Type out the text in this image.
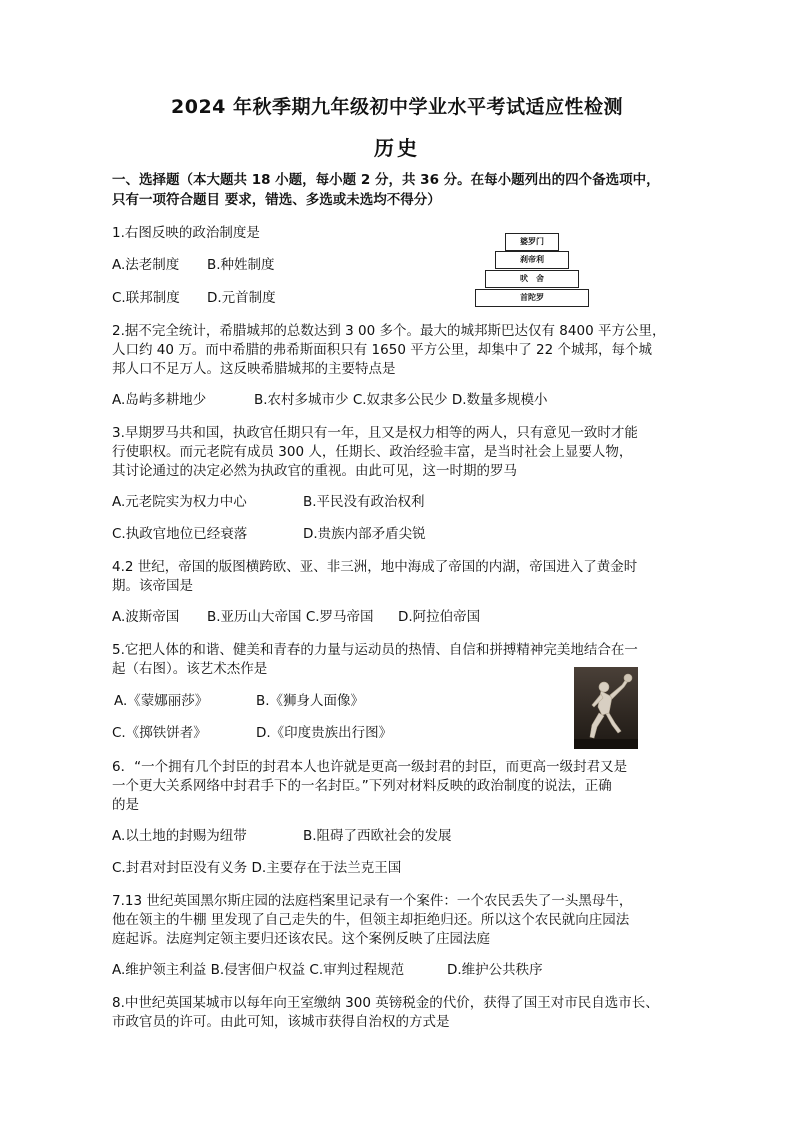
2024 年秋季期九年级初中学业水平考试适应性检测
历史
一、选择题（本大题共 18 小题，每小题 2 分，共 36 分。在每小题列出的四个备选项中，
只有一项符合题目 要求，错选、多选或未选均不得分）
1.右图反映的政治制度是
A.法老制度 B.种姓制度
C.联邦制度 D.元首制度
婆罗门
刹帝利
吠　舍
首陀罗
2.据不完全统计，希腊城邦的总数达到 3 00 多个。最大的城邦斯巴达仅有 8400 平方公里，
人口约 40 万。而中希腊的弗希斯面积只有 1650 平方公里，却集中了 22 个城邦，每个城
邦人口不足万人。这反映希腊城邦的主要特点是
A.岛屿多耕地少	B.农村多城市少 C.奴隶多公民少 D.数量多规模小
3.早期罗马共和国，执政官任期只有一年，且又是权力相等的两人，只有意见一致时才能
行使职权。而元老院有成员 300 人，任期长、政治经验丰富，是当时社会上显要人物，
其讨论通过的决定必然为执政官的重视。由此可见，这一时期的罗马
A.元老院实为权力中心	B.平民没有政治权利
C.执政官地位已经衰落	D.贵族内部矛盾尖锐
4.2 世纪，帝国的版图横跨欧、亚、非三洲，地中海成了帝国的内湖，帝国进入了黄金时
期。该帝国是
A.波斯帝国 B.亚历山大帝国 C.罗马帝国 D.阿拉伯帝国
5.它把人体的和谐、健美和青春的力量与运动员的热情、自信和拼搏精神完美地结合在一
起（右图）。该艺术杰作是
A.《蒙娜丽莎》	B.《狮身人面像》
C.《掷铁饼者》	D.《印度贵族出行图》
6．“一个拥有几个封臣的封君本人也许就是更高一级封君的封臣，而更高一级封君又是
一个更大关系网络中封君手下的一名封臣。”下列对材料反映的政治制度的说法，正确
的是
A.以土地的封赐为纽带	B.阻碍了西欧社会的发展
C.封君对封臣没有义务 D.主要存在于法兰克王国
7.13 世纪英国黑尔斯庄园的法庭档案里记录有一个案件：一个农民丢失了一头黑母牛，
他在领主的牛棚 里发现了自己走失的牛，但领主却拒绝归还。所以这个农民就向庄园法
庭起诉。法庭判定领主要归还该农民。这个案例反映了庄园法庭
A.维护领主利益 B.侵害佃户权益 C.审判过程规范	D.维护公共秩序
8.中世纪英国某城市以每年向王室缴纳 300 英镑税金的代价，获得了国王对市民自选市长、
市政官员的许可。由此可知，该城市获得自治权的方式是
